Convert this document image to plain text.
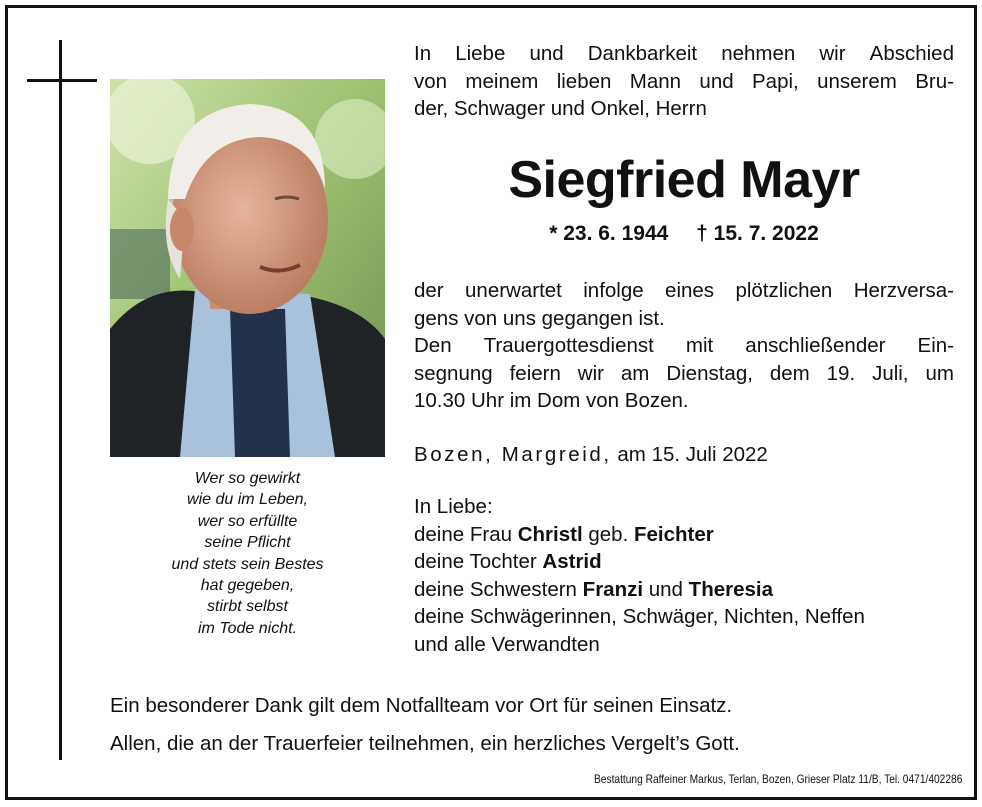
Wer so gewirkt
wie du im Leben,
wer so erfüllte
seine Pflicht
und stets sein Bestes
hat gegeben,
stirbt selbst
im Tode nicht.
In Liebe und Dankbarkeit nehmen wir Abschied
von meinem lieben Mann und Papi, unserem Bru-
der, Schwager und Onkel, Herrn
Siegfried Mayr
* 23. 6. 1944 † 15. 7. 2022
der unerwartet infolge eines plötzlichen Herzversa-
gens von uns gegangen ist.
Den Trauergottesdienst mit anschließender Ein-
segnung feiern wir am Dienstag, dem 19. Juli, um
10.30 Uhr im Dom von Bozen.
Bozen, Margreid, am 15. Juli 2022
In Liebe:
deine Frau Christl geb. Feichter
deine Tochter Astrid
deine Schwestern Franzi und Theresia
deine Schwägerinnen, Schwäger, Nichten, Neffen
und alle Verwandten
Ein besonderer Dank gilt dem Notfallteam vor Ort für seinen Einsatz.
Allen, die an der Trauerfeier teilnehmen, ein herzliches Vergelt’s Gott.
Bestattung Raffeiner Markus, Terlan, Bozen, Grieser Platz 11/B, Tel. 0471/402286
